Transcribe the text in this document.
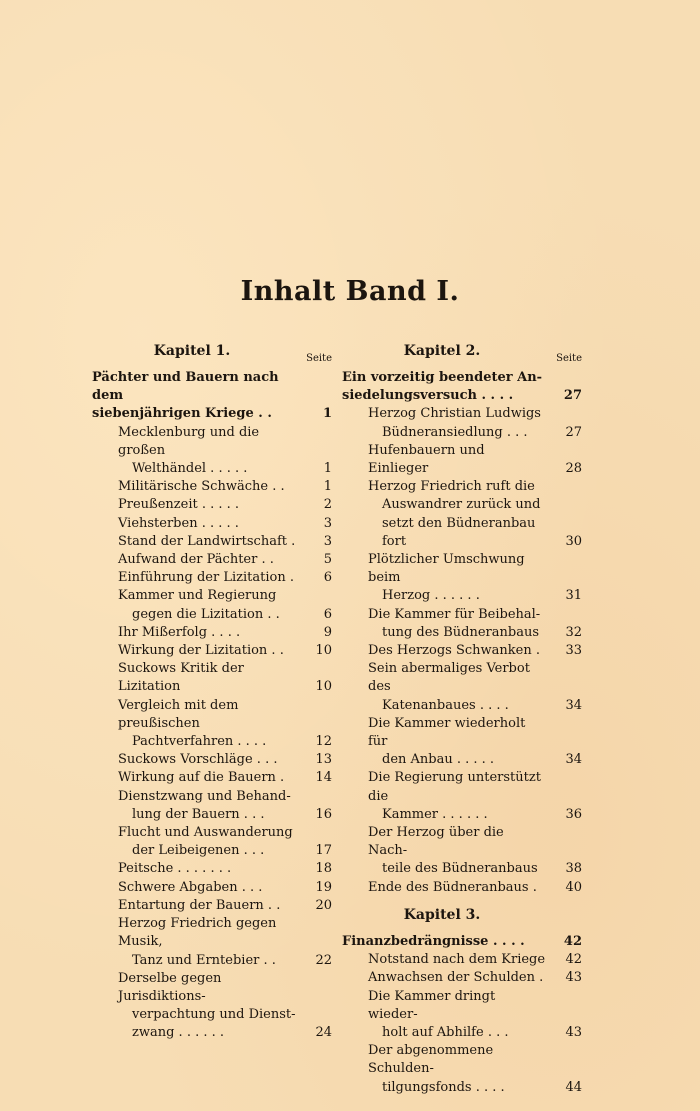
Inhalt Band I.
Kapitel 1.	Seite
Pächter und Bauern nach dem
siebenjährigen Kriege . .	1
Mecklenburg und die großen
Welthändel . . . . .	1
Militärische Schwäche . .	1
Preußenzeit . . . . .	2
Viehsterben . . . . .	3
Stand der Landwirtschaft .	3
Aufwand der Pächter . .	5
Einführung der Lizitation .	6
Kammer und Regierung
gegen die Lizitation . .	6
Ihr Mißerfolg . . . .	9
Wirkung der Lizitation . .	10
Suckows Kritik der Lizitation	10
Vergleich mit dem preußischen
Pachtverfahren . . . .	12
Suckows Vorschläge . . .	13
Wirkung auf die Bauern .	14
Dienstzwang und Behand-
lung der Bauern . . .	16
Flucht und Auswanderung
der Leibeigenen . . .	17
Peitsche . . . . . . .	18
Schwere Abgaben . . .	19
Entartung der Bauern . .	20
Herzog Friedrich gegen Musik,
Tanz und Erntebier . .	22
Derselbe gegen Jurisdiktions-
verpachtung und Dienst-
zwang . . . . . .	24
Kapitel 2.	Seite
Ein vorzeitig beendeter An-
siedelungsversuch . . . .	27
Herzog Christian Ludwigs
Büdneransiedlung . . .	27
Hufenbauern und Einlieger	28
Herzog Friedrich ruft die
Auswandrer zurück und
setzt den Büdneranbau fort	30
Plötzlicher Umschwung beim
Herzog . . . . . .	31
Die Kammer für Beibehal-
tung des Büdneranbaus	32
Des Herzogs Schwanken .	33
Sein abermaliges Verbot des
Katenanbaues . . . .	34
Die Kammer wiederholt für
den Anbau . . . . .	34
Die Regierung unterstützt die
Kammer . . . . . .	36
Der Herzog über die Nach-
teile des Büdneranbaus	38
Ende des Büdneranbaus .	40
Kapitel 3.
Finanzbedrängnisse . . . .	42
Notstand nach dem Kriege	42
Anwachsen der Schulden .	43
Die Kammer dringt wieder-
holt auf Abhilfe . . .	43
Der abgenommene Schulden-
tilgungsfonds . . . .	44
